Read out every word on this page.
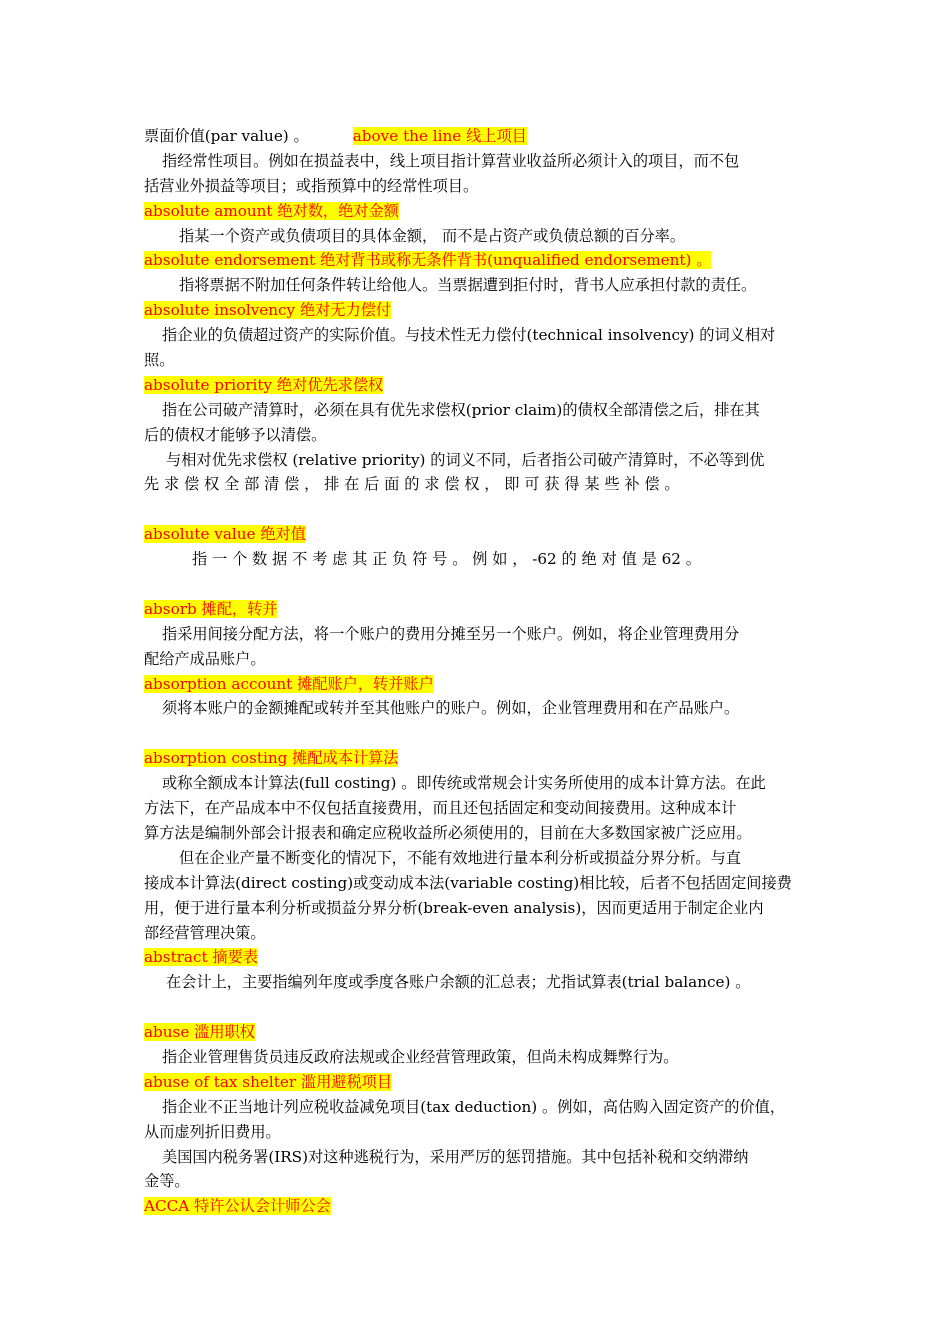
票面价值(par value) 。	above the line 线上项目
指经常性项目。例如在损益表中，线上项目指计算营业收益所必须计入的项目，而不包
括营业外损益等项目；或指预算中的经常性项目。
absolute amount 绝对数，绝对金额
指某一个资产或负债项目的具体金额， 而不是占资产或负债总额的百分率。
absolute endorsement 绝对背书或称无条件背书(unqualified endorsement) 。
指将票据不附加任何条件转让给他人。当票据遭到拒付时，背书人应承担付款的责任。
absolute insolvency 绝对无力偿付
指企业的负债超过资产的实际价值。与技术性无力偿付(technical insolvency) 的词义相对
照。
absolute priority 绝对优先求偿权
指在公司破产清算时，必须在具有优先求偿权(prior claim)的债权全部清偿之后，排在其
后的债权才能够予以清偿。
与相对优先求偿权 (relative priority) 的词义不同，后者指公司破产清算时，不必等到优
先 求 偿 权 全 部 清 偿 ， 排 在 后 面 的 求 偿 权 ， 即 可 获 得 某 些 补 偿 。
absolute value 绝对值
指 一 个 数 据 不 考 虑 其 正 负 符 号 。 例 如 ， -62 的 绝 对 值 是 62 。
absorb 摊配，转并
指采用间接分配方法，将一个账户的费用分摊至另一个账户。例如，将企业管理费用分
配给产成品账户。
absorption account 摊配账户，转并账户
须将本账户的金额摊配或转并至其他账户的账户。例如，企业管理费用和在产品账户。
absorption costing 摊配成本计算法
或称全额成本计算法(full costing) 。即传统或常规会计实务所使用的成本计算方法。在此
方法下，在产品成本中不仅包括直接费用，而且还包括固定和变动间接费用。这种成本计
算方法是编制外部会计报表和确定应税收益所必须使用的，目前在大多数国家被广泛应用。
但在企业产量不断变化的情况下，不能有效地进行量本利分析或损益分界分析。与直
接成本计算法(direct costing)或变动成本法(variable costing)相比较，后者不包括固定间接费
用，便于进行量本利分析或损益分界分析(break-even analysis)，因而更适用于制定企业内
部经营管理决策。
abstract 摘要表
在会计上，主要指编列年度或季度各账户余额的汇总表；尤指试算表(trial balance) 。
abuse 滥用职权
指企业管理售货员违反政府法规或企业经营管理政策，但尚未构成舞弊行为。
abuse of tax shelter 滥用避税项目
指企业不正当地计列应税收益减免项目(tax deduction) 。例如，高估购入固定资产的价值，
从而虚列折旧费用。
美国国内税务署(IRS)对这种逃税行为，采用严厉的惩罚措施。其中包括补税和交纳滞纳
金等。
ACCA 特许公认会计师公会
